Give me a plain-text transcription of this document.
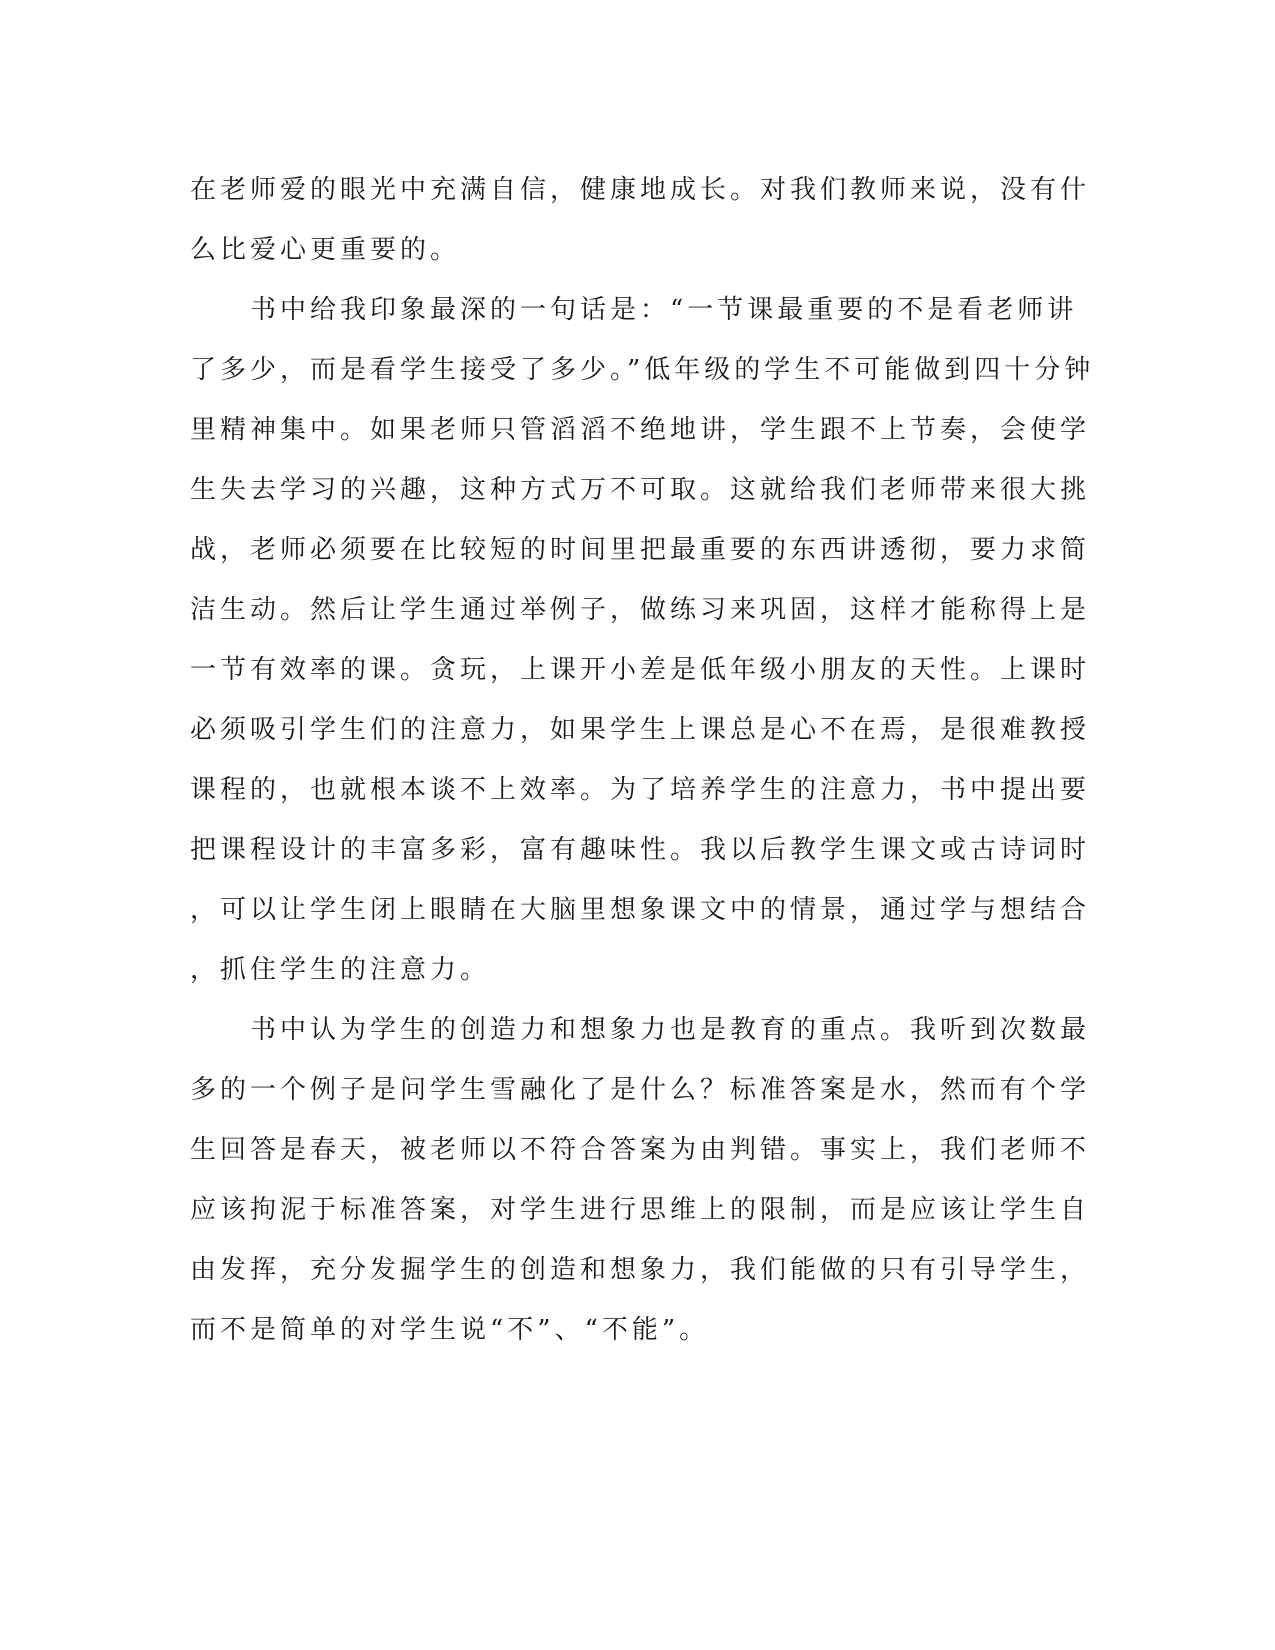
在老师爱的眼光中充满自信，健康地成长。对我们教师来说，没有什
么比爱心更重要的。
　　书中给我印象最深的一句话是：“一节课最重要的不是看老师讲
了多少，而是看学生接受了多少。”低年级的学生不可能做到四十分钟
里精神集中。如果老师只管滔滔不绝地讲，学生跟不上节奏，会使学
生失去学习的兴趣，这种方式万不可取。这就给我们老师带来很大挑
战，老师必须要在比较短的时间里把最重要的东西讲透彻，要力求简
洁生动。然后让学生通过举例子，做练习来巩固，这样才能称得上是
一节有效率的课。贪玩，上课开小差是低年级小朋友的天性。上课时
必须吸引学生们的注意力，如果学生上课总是心不在焉，是很难教授
课程的，也就根本谈不上效率。为了培养学生的注意力，书中提出要
把课程设计的丰富多彩，富有趣味性。我以后教学生课文或古诗词时
，可以让学生闭上眼睛在大脑里想象课文中的情景，通过学与想结合
，抓住学生的注意力。
　　书中认为学生的创造力和想象力也是教育的重点。我听到次数最
多的一个例子是问学生雪融化了是什么？标准答案是水，然而有个学
生回答是春天，被老师以不符合答案为由判错。事实上，我们老师不
应该拘泥于标准答案，对学生进行思维上的限制，而是应该让学生自
由发挥，充分发掘学生的创造和想象力，我们能做的只有引导学生，
而不是简单的对学生说“不”、“不能”。
